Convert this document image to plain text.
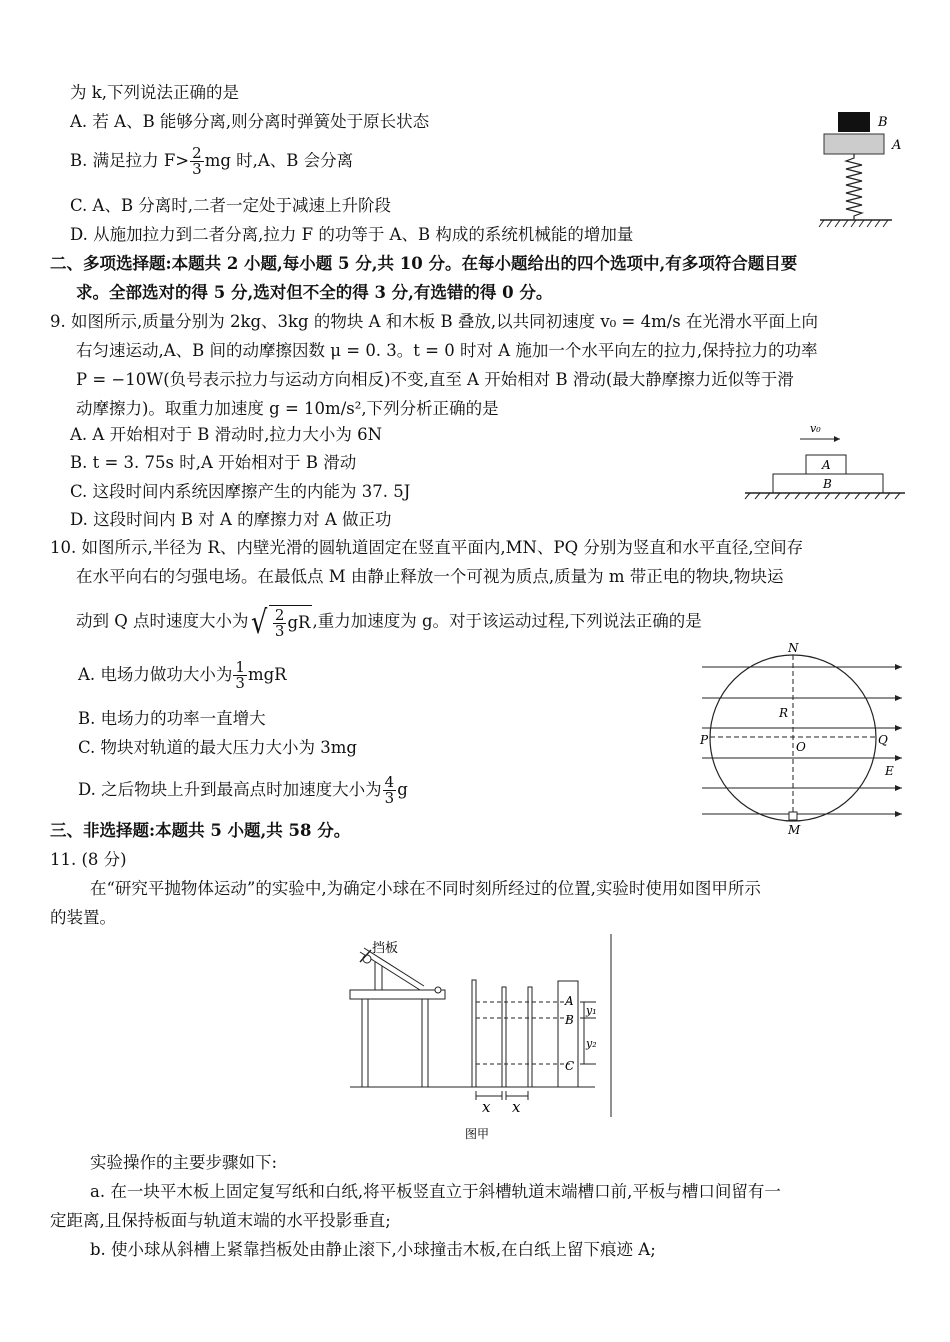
为 k,下列说法正确的是
A. 若 A、B 能够分离,则分离时弹簧处于原长状态
B. 满足拉力 $F> \frac{2}{3}$ mg 时,A、B 会分离
C. A、B 分离时,二者一定处于减速上升阶段
D. 从施加拉力到二者分离,拉力 F 的功等于 A、B 构成的系统机械能的增加量
B
A
二、多项选择题:本题共 2 小题,每小题 5 分,共 10 分。在每小题给出的四个选项中,有多项符合题目要
求。全部选对的得 5 分,选对但不全的得 3 分,有选错的得 0 分。
9. 如图所示,质量分别为 2kg、3kg 的物块 A 和木板 B 叠放,以共同初速度 v₀ = 4m/s 在光滑水平面上向
右匀速运动,A、B 间的动摩擦因数 μ = 0. 3。t = 0 时对 A 施加一个水平向左的拉力,保持拉力的功率
P = −10W(负号表示拉力与运动方向相反)不变,直至 A 开始相对 B 滑动(最大静摩擦力近似等于滑
动摩擦力)。取重力加速度 g = 10m/s²,下列分析正确的是
A. A 开始相对于 B 滑动时,拉力大小为 6N
B. t = 3. 75s 时,A 开始相对于 B 滑动
C. 这段时间内系统因摩擦产生的内能为 37. 5J
D. 这段时间内 B 对 A 的摩擦力对 A 做正功
v₀
A
B
10. 如图所示,半径为 R、内壁光滑的圆轨道固定在竖直平面内,MN、PQ 分别为竖直和水平直径,空间存
在水平向右的匀强电场。在最低点 M 由静止释放一个可视为质点,质量为 m 带正电的物块,物块运
动到 Q 点时速度大小为√ $\frac{2}{3}$ gR ,重力加速度为 g。对于该运动过程,下列说法正确的是
A. 电场力做功大小为 $\frac{1}{3}$ mgR
B. 电场力的功率一直增大
C. 物块对轨道的最大压力大小为 3mg
D. 之后物块上升到最高点时加速度大小为 $\frac{4}{3}$ g
N
R
P	O	Q
E
M
三、非选择题:本题共 5 小题,共 58 分。
11. (8 分)
在“研究平抛物体运动”的实验中,为确定小球在不同时刻所经过的位置,实验时使用如图甲所示
的装置。
挡板
A
B
C
y₁
y₂
x x
图甲
实验操作的主要步骤如下:
a. 在一块平木板上固定复写纸和白纸,将平板竖直立于斜槽轨道末端槽口前,平板与槽口间留有一
定距离,且保持板面与轨道末端的水平投影垂直;
b. 使小球从斜槽上紧靠挡板处由静止滚下,小球撞击木板,在白纸上留下痕迹 A;
